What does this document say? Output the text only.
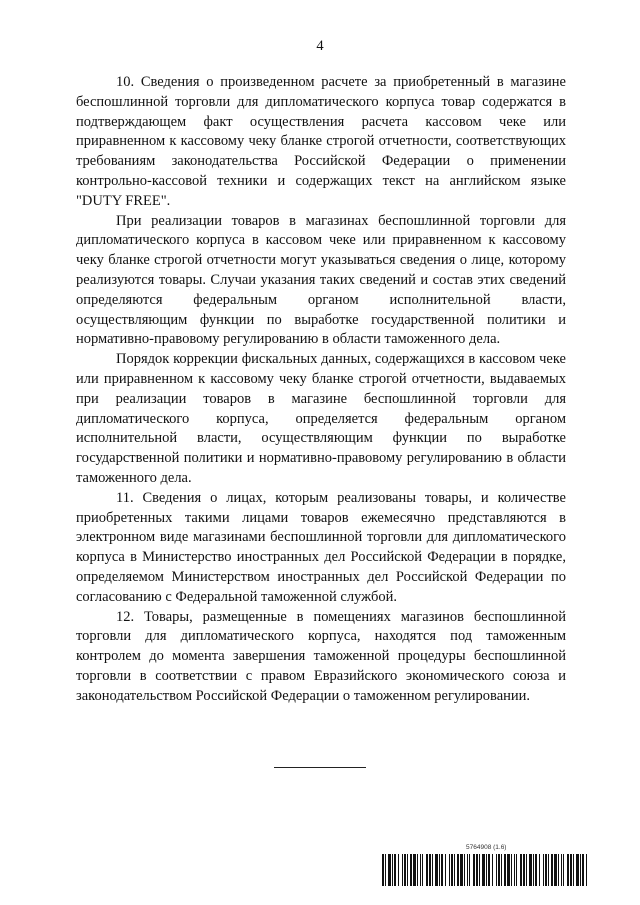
4

10. Сведения о произведенном расчете за приобретенный в магазине беспошлинной торговли для дипломатического корпуса товар содержатся в подтверждающем факт осуществления расчета кассовом чеке или приравненном к кассовому чеку бланке строгой отчетности, соответствующих требованиям законодательства Российской Федерации о применении контрольно-кассовой техники и содержащих текст на английском языке "DUTY FREE".

При реализации товаров в магазинах беспошлинной торговли для дипломатического корпуса в кассовом чеке или приравненном к кассовому чеку бланке строгой отчетности могут указываться сведения о лице, которому реализуются товары. Случаи указания таких сведений и состав этих сведений определяются федеральным органом исполнительной власти, осуществляющим функции по выработке государственной политики и нормативно-правовому регулированию в области таможенного дела.

Порядок коррекции фискальных данных, содержащихся в кассовом чеке или приравненном к кассовому чеку бланке строгой отчетности, выдаваемых при реализации товаров в магазине беспошлинной торговли для дипломатического корпуса, определяется федеральным органом исполнительной власти, осуществляющим функции по выработке государственной политики и нормативно-правовому регулированию в области таможенного дела.

11. Сведения о лицах, которым реализованы товары, и количестве приобретенных такими лицами товаров ежемесячно представляются в электронном виде магазинами беспошлинной торговли для дипломатического корпуса в Министерство иностранных дел Российской Федерации в порядке, определяемом Министерством иностранных дел Российской Федерации по согласованию с Федеральной таможенной службой.

12. Товары, размещенные в помещениях магазинов беспошлинной торговли для дипломатического корпуса, находятся под таможенным контролем до момента завершения таможенной процедуры беспошлинной торговли в соответствии с правом Евразийского экономического союза и законодательством Российской Федерации о таможенном регулировании.

5764908 (1.6)
